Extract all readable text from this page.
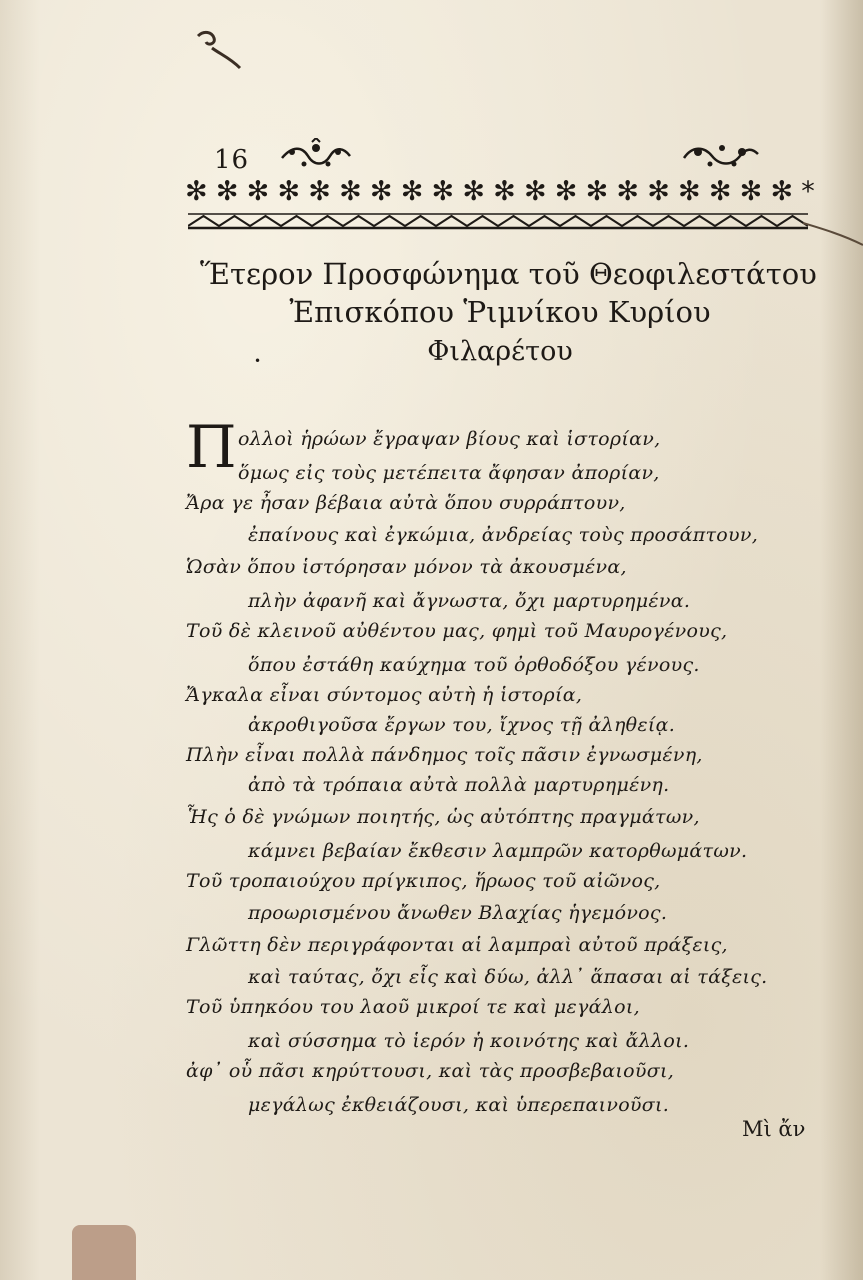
16
✻ ✻ ✻ ✻ ✻ ✻ ✻ ✻ ✻ ✻ ✻ ✻ ✻ ✻ ✻ ✻ ✻ ✻ ✻ ✻ *
Ἕτερον Προσφώνημα τοῦ Θεοφιλεστάτου
Ἐπισκόπου Ῥιμνίκου Κυρίου
Φιλαρέτου
•
Π ολλοὶ ἡρώων ἔγραψαν βίους καὶ ἱστορίαν,
ὅμως εἰς τοὺς μετέπειτα ἄφησαν ἀπορίαν,
Ἄρα γε ἦσαν βέβαια αὐτὰ ὅπου συρράπτουν,
ἐπαίνους καὶ ἐγκώμια, ἀνδρείας τοὺς προσάπτουν,
Ὡσὰν ὅπου ἱστόρησαν μόνον τὰ ἀκουσμένα,
πλὴν ἀφανῆ καὶ ἄγνωστα, ὄχι μαρτυρημένα.
Τοῦ δὲ κλεινοῦ αὐθέντου μας, φημὶ τοῦ Μαυρογένους,
ὅπου ἐστάθη καύχημα τοῦ ὀρθοδόξου γένους.
Ἄγκαλα εἶναι σύντομος αὐτὴ ἡ ἱστορία,
ἀκροθιγοῦσα ἔργων του, ἴχνος τῇ ἀληθείᾳ.
Πλὴν εἶναι πολλὰ πάνδημος τοῖς πᾶσιν ἐγνωσμένη,
ἀπὸ τὰ τρόπαια αὐτὰ πολλὰ μαρτυρημένη.
Ἧς ὁ δὲ γνώμων ποιητής, ὡς αὐτόπτης πραγμάτων,
κάμνει βεβαίαν ἔκθεσιν λαμπρῶν κατορθωμάτων.
Τοῦ τροπαιούχου πρίγκιπος, ἥρωος τοῦ αἰῶνος,
προωρισμένου ἄνωθεν Βλαχίας ἡγεμόνος.
Γλῶττη δὲν περιγράφονται αἱ λαμπραὶ αὐτοῦ πράξεις,
καὶ ταύτας, ὄχι εἷς καὶ δύω, ἀλλ᾽ ἅπασαι αἱ τάξεις.
Τοῦ ὑπηκόου του λαοῦ μικροί τε καὶ μεγάλοι,
καὶ σύσσημα τὸ ἱερόν ἡ κοινότης καὶ ἄλλοι.
ἀφ᾽ οὗ πᾶσι κηρύττουσι, καὶ τὰς προσβεβαιοῦσι,
μεγάλως ἐκθειάζουσι, καὶ ὑπερεπαινοῦσι.
Μὶ ἄν
